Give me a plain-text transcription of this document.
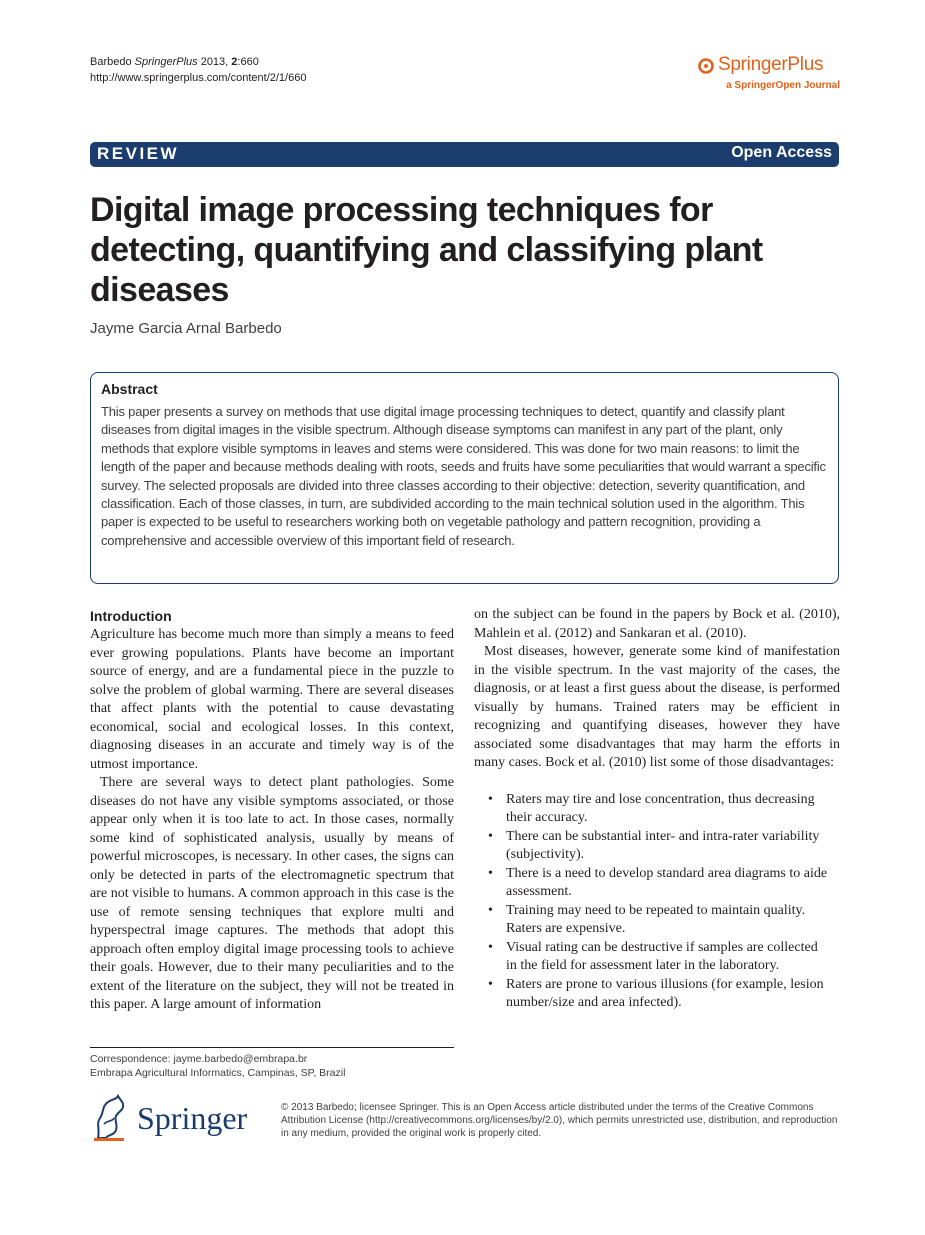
Barbedo SpringerPlus 2013, 2:660
http://www.springerplus.com/content/2/1/660
SpringerPlus
a SpringerOpen Journal
REVIEW	Open Access
Digital image processing techniques for detecting, quantifying and classifying plant diseases
Jayme Garcia Arnal Barbedo
Abstract

This paper presents a survey on methods that use digital image processing techniques to detect, quantify and classify plant diseases from digital images in the visible spectrum. Although disease symptoms can manifest in any part of the plant, only methods that explore visible symptoms in leaves and stems were considered. This was done for two main reasons: to limit the length of the paper and because methods dealing with roots, seeds and fruits have some peculiarities that would warrant a specific survey. The selected proposals are divided into three classes according to their objective: detection, severity quantification, and classification. Each of those classes, in turn, are subdivided according to the main technical solution used in the algorithm. This paper is expected to be useful to researchers working both on vegetable pathology and pattern recognition, providing a comprehensive and accessible overview of this important field of research.

Introduction

Agriculture has become much more than simply a means to feed ever growing populations. Plants have become an important source of energy, and are a fundamental piece in the puzzle to solve the problem of global warming. There are several diseases that affect plants with the potential to cause devastating economical, social and ecological losses. In this context, diagnosing diseases in an accurate and timely way is of the utmost importance.

There are several ways to detect plant pathologies. Some diseases do not have any visible symptoms associated, or those appear only when it is too late to act. In those cases, normally some kind of sophisticated analysis, usually by means of powerful microscopes, is necessary. In other cases, the signs can only be detected in parts of the electromagnetic spectrum that are not visible to humans. A common approach in this case is the use of remote sensing techniques that explore multi and hyperspectral image captures. The methods that adopt this approach often employ digital image processing tools to achieve their goals. However, due to their many peculiarities and to the extent of the literature on the subject, they will not be treated in this paper. A large amount of information

on the subject can be found in the papers by Bock et al. (2010), Mahlein et al. (2012) and Sankaran et al. (2010).

Most diseases, however, generate some kind of manifestation in the visible spectrum. In the vast majority of the cases, the diagnosis, or at least a first guess about the disease, is performed visually by humans. Trained raters may be efficient in recognizing and quantifying diseases, however they have associated some disadvantages that may harm the efforts in many cases. Bock et al. (2010) list some of those disadvantages:

• Raters may tire and lose concentration, thus decreasing their accuracy.
• There can be substantial inter- and intra-rater variability (subjectivity).
• There is a need to develop standard area diagrams to aide assessment.
• Training may need to be repeated to maintain quality. Raters are expensive.
• Visual rating can be destructive if samples are collected in the field for assessment later in the laboratory.
• Raters are prone to various illusions (for example, lesion number/size and area infected).
Correspondence: jayme.barbedo@embrapa.br
Embrapa Agricultural Informatics, Campinas, SP, Brazil
Springer	© 2013 Barbedo; licensee Springer. This is an Open Access article distributed under the terms of the Creative Commons Attribution License (http://creativecommons.org/licenses/by/2.0), which permits unrestricted use, distribution, and reproduction in any medium, provided the original work is properly cited.
